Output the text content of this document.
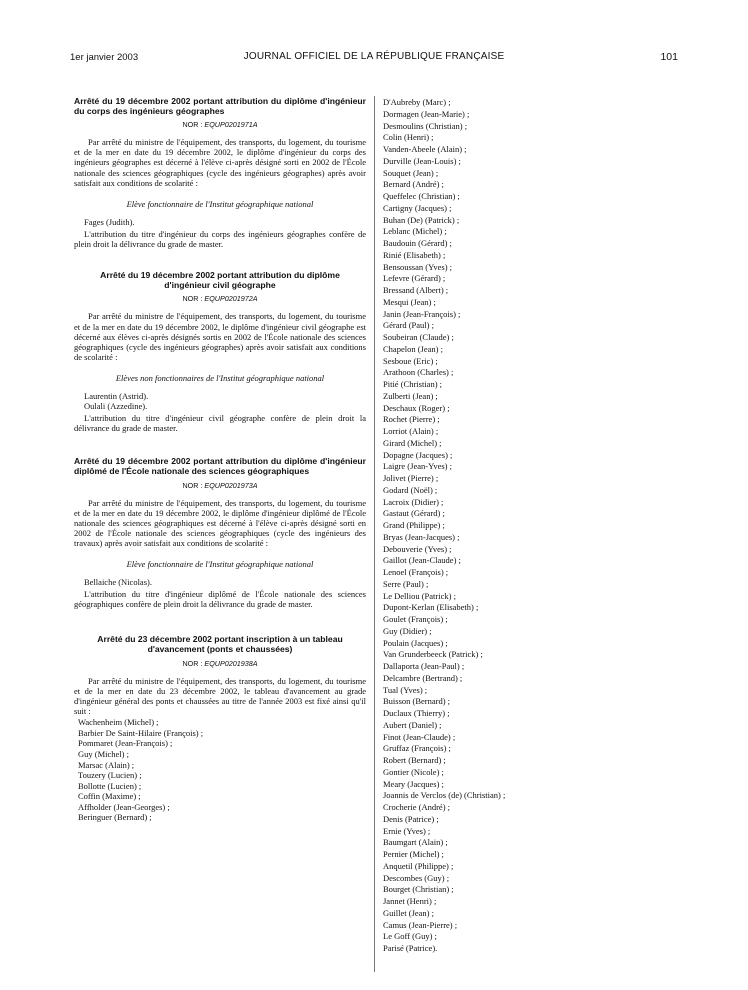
1er janvier 2003	JOURNAL OFFICIEL DE LA RÉPUBLIQUE FRANÇAISE	101

Arrêté du 19 décembre 2002 portant attribution du diplôme d'ingénieur du corps des ingénieurs géographes

NOR : EQUP0201971A

Par arrêté du ministre de l'équipement, des transports, du logement, du tourisme et de la mer en date du 19 décembre 2002, le diplôme d'ingénieur du corps des ingénieurs géographes est décerné à l'élève ci-après désigné sorti en 2002 de l'École nationale des sciences géographiques (cycle des ingénieurs géographes) après avoir satisfait aux conditions de scolarité :

Elève fonctionnaire de l'Institut géographique national

Fages (Judith).

L'attribution du titre d'ingénieur du corps des ingénieurs géographes confère de plein droit la délivrance du grade de master.

Arrêté du 19 décembre 2002 portant attribution du diplôme d'ingénieur civil géographe

NOR : EQUP0201972A

Par arrêté du ministre de l'équipement, des transports, du logement, du tourisme et de la mer en date du 19 décembre 2002, le diplôme d'ingénieur civil géographe est décerné aux élèves ci-après désignés sortis en 2002 de l'École nationale des sciences géographiques (cycle des ingénieurs géographes) après avoir satisfait aux conditions de scolarité :

Elèves non fonctionnaires de l'Institut géographique national

Laurentin (Astrid).

Oulali (Azzedine).

L'attribution du titre d'ingénieur civil géographe confère de plein droit la délivrance du grade de master.

Arrêté du 19 décembre 2002 portant attribution du diplôme d'ingénieur diplômé de l'École nationale des sciences géographiques

NOR : EQUP0201973A

Par arrêté du ministre de l'équipement, des transports, du logement, du tourisme et de la mer en date du 19 décembre 2002, le diplôme d'ingénieur diplômé de l'École nationale des sciences géographiques est décerné à l'élève ci-après désigné sorti en 2002 de l'École nationale des sciences géographiques (cycle des ingénieurs des travaux) après avoir satisfait aux conditions de scolarité :

Elève fonctionnaire de l'Institut géographique national

Bellaiche (Nicolas).

L'attribution du titre d'ingénieur diplômé de l'École nationale des sciences géographiques confère de plein droit la délivrance du grade de master.

Arrêté du 23 décembre 2002 portant inscription à un tableau d'avancement (ponts et chaussées)

NOR : EQUP0201938A

Par arrêté du ministre de l'équipement, des transports, du logement, du tourisme et de la mer en date du 23 décembre 2002, le tableau d'avancement au grade d'ingénieur général des ponts et chaussées au titre de l'année 2003 est fixé ainsi qu'il suit :

Wachenheim (Michel) ;
Barbier De Saint-Hilaire (François) ;
Pommaret (Jean-François) ;
Guy (Michel) ;
Marsac (Alain) ;
Touzery (Lucien) ;
Bollotte (Lucien) ;
Coffin (Maxime) ;
Affholder (Jean-Georges) ;
Beringuer (Bernard) ;
D'Aubreby (Marc) ;
Dormagen (Jean-Marie) ;
Desmoulins (Christian) ;
Colin (Henri) ;
Vanden-Abeele (Alain) ;
Durville (Jean-Louis) ;
Souquet (Jean) ;
Bernard (André) ;
Queffelec (Christian) ;
Cartigny (Jacques) ;
Buhan (De) (Patrick) ;
Leblanc (Michel) ;
Baudouin (Gérard) ;
Rinié (Elisabeth) ;
Bensoussan (Yves) ;
Lefevre (Gérard) ;
Bressand (Albert) ;
Mesqui (Jean) ;
Janin (Jean-François) ;
Gérard (Paul) ;
Soubeiran (Claude) ;
Chapelon (Jean) ;
Sesboue (Eric) ;
Arathoon (Charles) ;
Pitié (Christian) ;
Zulberti (Jean) ;
Deschaux (Roger) ;
Rochet (Pierre) ;
Lorriot (Alain) ;
Girard (Michel) ;
Dopagne (Jacques) ;
Laigre (Jean-Yves) ;
Jolivet (Pierre) ;
Godard (Noël) ;
Lacroix (Didier) ;
Gastaut (Gérard) ;
Grand (Philippe) ;
Bryas (Jean-Jacques) ;
Debouverie (Yves) ;
Gaillot (Jean-Claude) ;
Lenoel (François) ;
Serre (Paul) ;
Le Delliou (Patrick) ;
Dupont-Kerlan (Elisabeth) ;
Goulet (François) ;
Guy (Didier) ;
Poulain (Jacques) ;
Van Grunderbeeck (Patrick) ;
Dallaporta (Jean-Paul) ;
Delcambre (Bertrand) ;
Tual (Yves) ;
Buisson (Bernard) ;
Duclaux (Thierry) ;
Aubert (Daniel) ;
Finot (Jean-Claude) ;
Gruffaz (François) ;
Robert (Bernard) ;
Gontier (Nicole) ;
Meary (Jacques) ;
Joannis de Verclos (de) (Christian) ;
Crocherie (André) ;
Denis (Patrice) ;
Ernie (Yves) ;
Baumgart (Alain) ;
Pernier (Michel) ;
Anquetil (Philippe) ;
Descombes (Guy) ;
Bourget (Christian) ;
Jannet (Henri) ;
Guillet (Jean) ;
Camus (Jean-Pierre) ;
Le Goff (Guy) ;
Parisé (Patrice).
